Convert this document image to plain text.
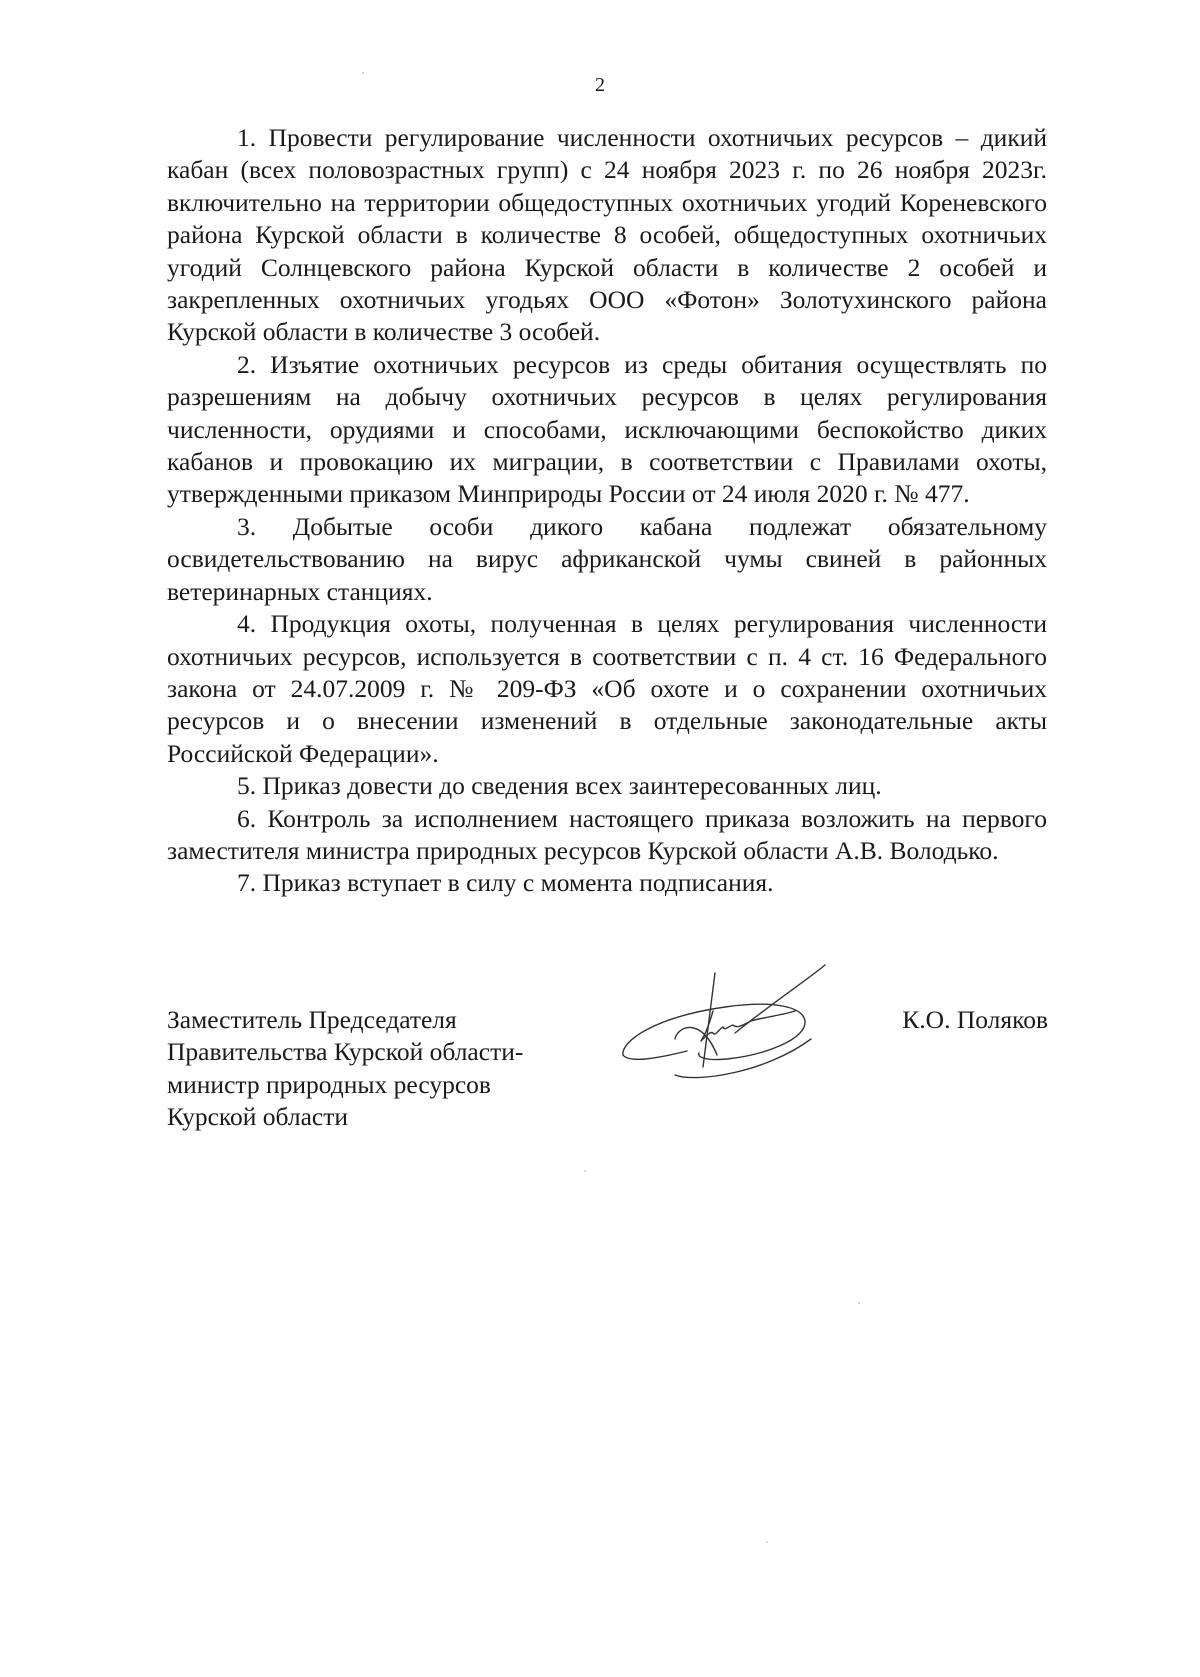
2

1. Провести регулирование численности охотничьих ресурсов – дикий кабан (всех половозрастных групп) с 24 ноября 2023 г. по 26 ноября 2023г. включительно на территории общедоступных охотничьих угодий Кореневского района Курской области в количестве 8 особей, общедоступных охотничьих угодий Солнцевского района Курской области в количестве 2 особей и закрепленных охотничьих угодьях ООО «Фотон» Золотухинского района Курской области в количестве 3 особей.

2. Изъятие охотничьих ресурсов из среды обитания осуществлять по разрешениям на добычу охотничьих ресурсов в целях регулирования численности, орудиями и способами, исключающими беспокойство диких кабанов и провокацию их миграции, в соответствии с Правилами охоты, утвержденными приказом Минприроды России от 24 июля 2020 г. № 477.

3. Добытые особи дикого кабана подлежат обязательному освидетельствованию на вирус африканской чумы свиней в районных ветеринарных станциях.

4. Продукция охоты, полученная в целях регулирования численности охотничьих ресурсов, используется в соответствии с п. 4 ст. 16 Федерального закона от 24.07.2009 г. № 209-ФЗ «Об охоте и о сохранении охотничьих ресурсов и о внесении изменений в отдельные законодательные акты Российской Федерации».

5. Приказ довести до сведения всех заинтересованных лиц.

6. Контроль за исполнением настоящего приказа возложить на первого заместителя министра природных ресурсов Курской области А.В. Володько.

7. Приказ вступает в силу с момента подписания.

Заместитель Председателя
Правительства Курской области-
министр природных ресурсов
Курской области
К.О. Поляков
